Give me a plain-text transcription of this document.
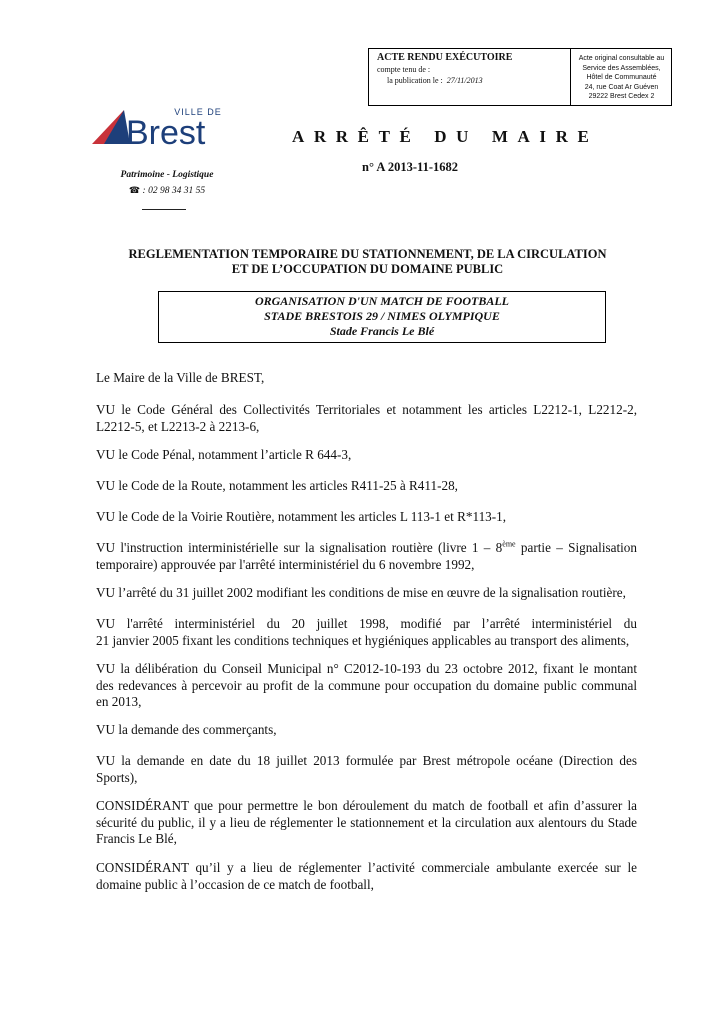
ACTE RENDU EXÉCUTOIRE
compte tenu de :
la publication le : 27/11/2013
Acte original consultable au
Service des Assemblées,
Hôtel de Communauté
24, rue Coat Ar Guéven
29222 Brest Cedex 2
VILLE DE
Brest
Patrimoine - Logistique
☎ : 02 98 34 31 55
ARRÊTÉ DU MAIRE
n° A 2013-11-1682
REGLEMENTATION TEMPORAIRE DU STATIONNEMENT, DE LA CIRCULATION
ET DE L’OCCUPATION DU DOMAINE PUBLIC
ORGANISATION D'UN MATCH DE FOOTBALL
STADE BRESTOIS 29 / NIMES OLYMPIQUE
Stade Francis Le Blé
Le Maire de la Ville de BREST,
VU le Code Général des Collectivités Territoriales et notamment les articles L2212-1, L2212-2,
L2212-5, et L2213-2 à 2213-6,
VU le Code Pénal, notamment l’article R 644-3,
VU le Code de la Route, notamment les articles R411-25 à R411-28,
VU le Code de la Voirie Routière, notamment les articles L 113-1 et R*113-1,
VU l'instruction interministérielle sur la signalisation routière (livre 1 – 8ème partie – Signalisation
temporaire) approuvée par l'arrêté interministériel du 6 novembre 1992,
VU l’arrêté du 31 juillet 2002 modifiant les conditions de mise en œuvre de la signalisation routière,
VU l'arrêté interministériel du 20 juillet 1998, modifié par l’arrêté interministériel du
21 janvier 2005 fixant les conditions techniques et hygiéniques applicables au transport des aliments,
VU la délibération du Conseil Municipal n° C2012-10-193 du 23 octobre 2012, fixant le montant
des redevances à percevoir au profit de la commune pour occupation du domaine public communal
en 2013,
VU la demande des commerçants,
VU la demande en date du 18 juillet 2013 formulée par Brest métropole océane (Direction des
Sports),
CONSIDÉRANT que pour permettre le bon déroulement du match de football et afin d’assurer la
sécurité du public, il y a lieu de réglementer le stationnement et la circulation aux alentours du Stade
Francis Le Blé,
CONSIDÉRANT qu’il y a lieu de réglementer l’activité commerciale ambulante exercée sur le
domaine public à l’occasion de ce match de football,
